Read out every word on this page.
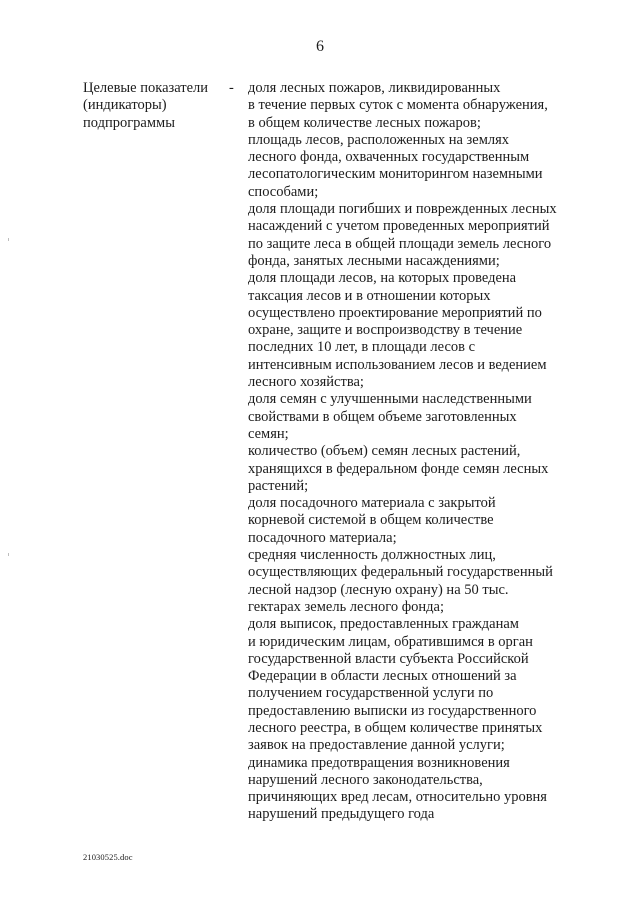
6
Целевые показатели
(индикаторы)
подпрограммы
- доля лесных пожаров, ликвидированных
в течение первых суток с момента обнаружения,
в общем количестве лесных пожаров;
площадь лесов, расположенных на землях
лесного фонда, охваченных государственным
лесопатологическим мониторингом наземными
способами;
доля площади погибших и поврежденных лесных
насаждений с учетом проведенных мероприятий
по защите леса в общей площади земель лесного
фонда, занятых лесными насаждениями;
доля площади лесов, на которых проведена
таксация лесов и в отношении которых
осуществлено проектирование мероприятий по
охране, защите и воспроизводству в течение
последних 10 лет, в площади лесов с
интенсивным использованием лесов и ведением
лесного хозяйства;
доля семян с улучшенными наследственными
свойствами в общем объеме заготовленных
семян;
количество (объем) семян лесных растений,
хранящихся в федеральном фонде семян лесных
растений;
доля посадочного материала с закрытой
корневой системой в общем количестве
посадочного материала;
средняя численность должностных лиц,
осуществляющих федеральный государственный
лесной надзор (лесную охрану) на 50 тыс.
гектарах земель лесного фонда;
доля выписок, предоставленных гражданам
и юридическим лицам, обратившимся в орган
государственной власти субъекта Российской
Федерации в области лесных отношений за
получением государственной услуги по
предоставлению выписки из государственного
лесного реестра, в общем количестве принятых
заявок на предоставление данной услуги;
динамика предотвращения возникновения
нарушений лесного законодательства,
причиняющих вред лесам, относительно уровня
нарушений предыдущего года
21030525.doc
